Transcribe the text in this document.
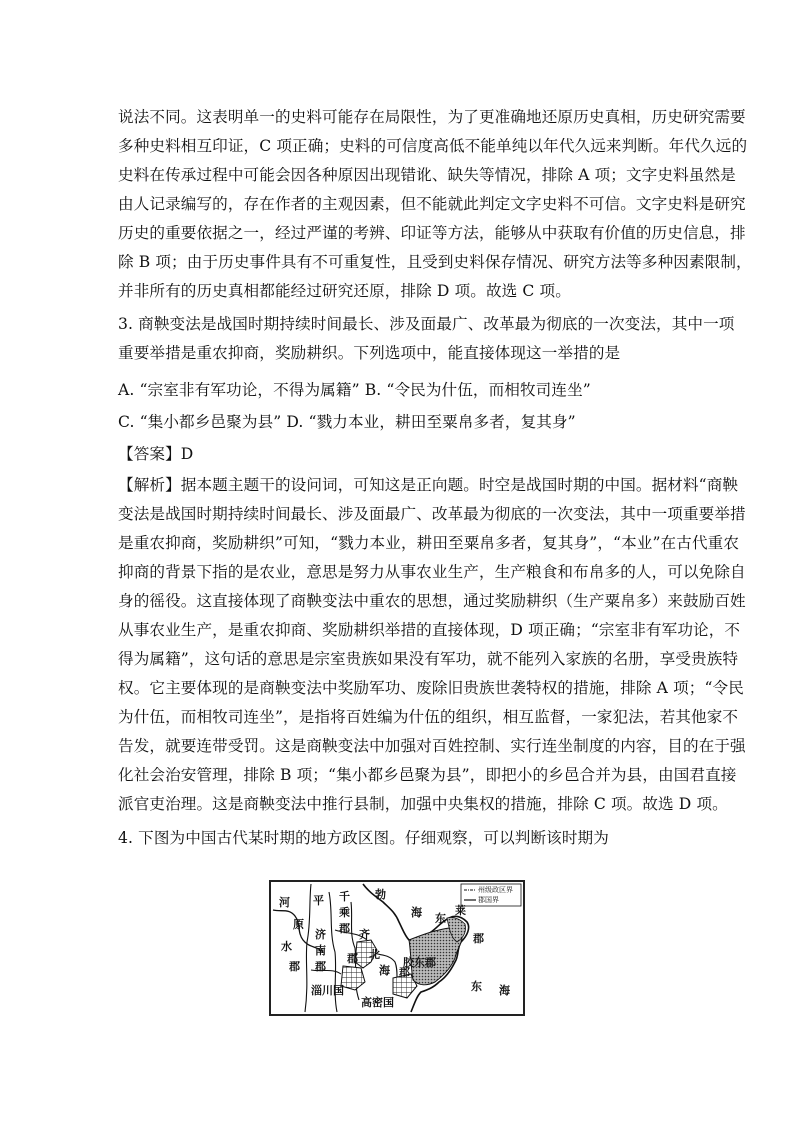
说法不同。这表明单一的史料可能存在局限性，为了更准确地还原历史真相，历史研究需要
多种史料相互印证，C 项正确；史料的可信度高低不能单纯以年代久远来判断。年代久远的
史料在传承过程中可能会因各种原因出现错讹、缺失等情况，排除 A 项；文字史料虽然是
由人记录编写的，存在作者的主观因素，但不能就此判定文字史料不可信。文字史料是研究
历史的重要依据之一，经过严谨的考辨、印证等方法，能够从中获取有价值的历史信息，排
除 B 项；由于历史事件具有不可重复性，且受到史料保存情况、研究方法等多种因素限制，
并非所有的历史真相都能经过研究还原，排除 D 项。故选 C 项。
3. 商鞅变法是战国时期持续时间最长、涉及面最广、改革最为彻底的一次变法，其中一项
重要举措是重农抑商，奖励耕织。下列选项中，能直接体现这一举措的是
A. “宗室非有军功论，不得为属籍” B. “令民为什伍，而相牧司连坐”
C. “集小都乡邑聚为县” D. “戮力本业，耕田至粟帛多者，复其身”
【答案】D
【解析】据本题主题干的设问词，可知这是正向题。时空是战国时期的中国。据材料“商鞅
变法是战国时期持续时间最长、涉及面最广、改革最为彻底的一次变法，其中一项重要举措
是重农抑商，奖励耕织”可知，“戮力本业，耕田至粟帛多者，复其身”，“本业”在古代重农
抑商的背景下指的是农业，意思是努力从事农业生产，生产粮食和布帛多的人，可以免除自
身的徭役。这直接体现了商鞅变法中重农的思想，通过奖励耕织（生产粟帛多）来鼓励百姓
从事农业生产，是重农抑商、奖励耕织举措的直接体现，D 项正确；“宗室非有军功论，不
得为属籍”，这句话的意思是宗室贵族如果没有军功，就不能列入家族的名册，享受贵族特
权。它主要体现的是商鞅变法中奖励军功、废除旧贵族世袭特权的措施，排除 A 项；“令民
为什伍，而相牧司连坐”，是指将百姓编为什伍的组织，相互监督，一家犯法，若其他家不
告发，就要连带受罚。这是商鞅变法中加强对百姓控制、实行连坐制度的内容，目的在于强
化社会治安管理，排除 B 项；“集小都乡邑聚为县”，即把小的乡邑合并为县，由国君直接
派官吏治理。这是商鞅变法中推行县制，加强中央集权的措施，排除 C 项。故选 D 项。
4. 下图为中国古代某时期的地方政区图。仔细观察，可以判断该时期为
州级政区界
郡国界
河 平
原
水
郡
千
乘
郡
济
南
郡
齐
郡 北
海 郡
勃
海 东
莱
郡
胶东郡
淄川国
高密国
东 海
